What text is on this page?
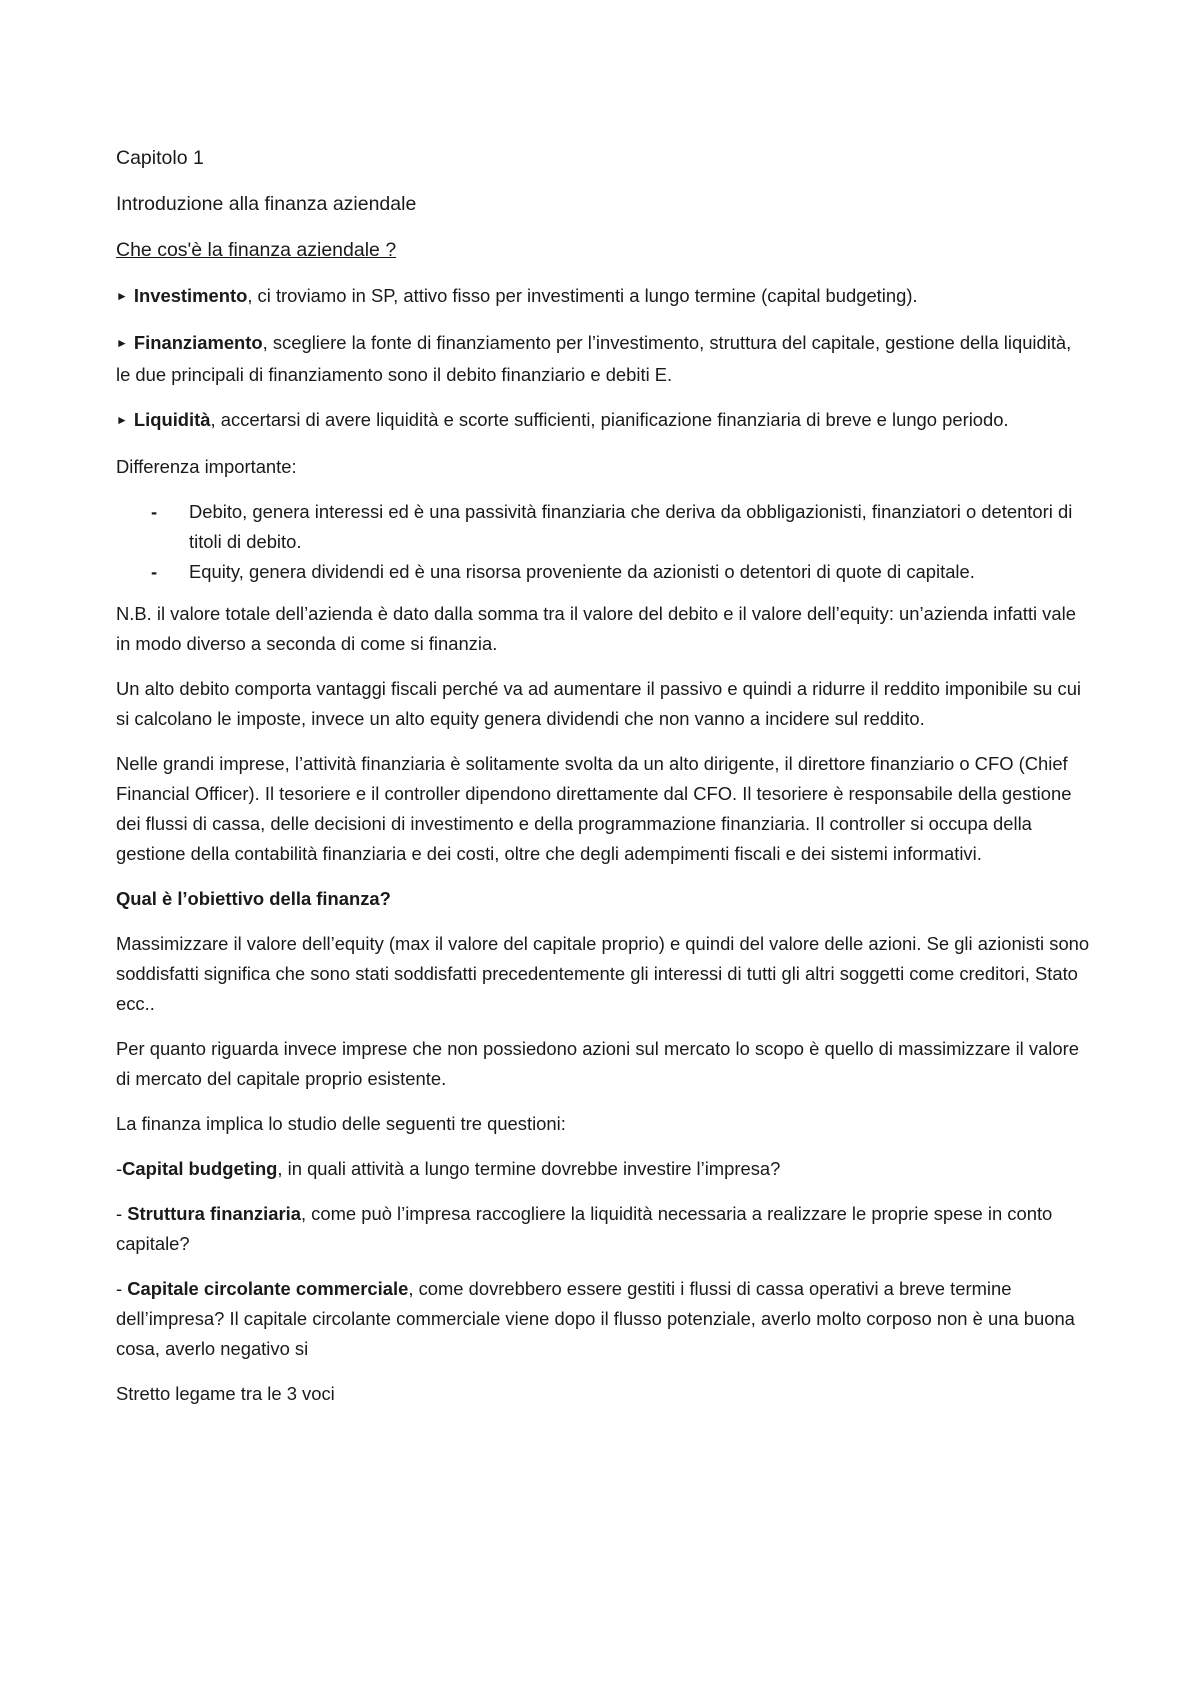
Capitolo 1
Introduzione alla finanza aziendale
Che cos'è la finanza aziendale ?
► Investimento, ci troviamo in SP, attivo fisso per investimenti a lungo termine (capital budgeting).
► Finanziamento, scegliere la fonte di finanziamento per l’investimento, struttura del capitale, gestione della liquidità, le due principali di finanziamento sono il debito finanziario e debiti E.
► Liquidità, accertarsi di avere liquidità e scorte sufficienti, pianificazione finanziaria di breve e lungo periodo.
Differenza importante:
- Debito, genera interessi ed è una passività finanziaria che deriva da obbligazionisti, finanziatori o detentori di titoli di debito.
- Equity, genera dividendi ed è una risorsa proveniente da azionisti o detentori di quote di capitale.
N.B. il valore totale dell’azienda è dato dalla somma tra il valore del debito e il valore dell’equity: un’azienda infatti vale in modo diverso a seconda di come si finanzia.
Un alto debito comporta vantaggi fiscali perché va ad aumentare il passivo e quindi a ridurre il reddito imponibile su cui si calcolano le imposte, invece un alto equity genera dividendi che non vanno a incidere sul reddito.
Nelle grandi imprese, l’attività finanziaria è solitamente svolta da un alto dirigente, il direttore finanziario o CFO (Chief Financial Officer). Il tesoriere e il controller dipendono direttamente dal CFO. Il tesoriere è responsabile della gestione dei flussi di cassa, delle decisioni di investimento e della programmazione finanziaria. Il controller si occupa della gestione della contabilità finanziaria e dei costi, oltre che degli adempimenti fiscali e dei sistemi informativi.
Qual è l’obiettivo della finanza?
Massimizzare il valore dell’equity (max il valore del capitale proprio) e quindi del valore delle azioni. Se gli azionisti sono soddisfatti significa che sono stati soddisfatti precedentemente gli interessi di tutti gli altri soggetti come creditori, Stato ecc..
Per quanto riguarda invece imprese che non possiedono azioni sul mercato lo scopo è quello di massimizzare il valore di mercato del capitale proprio esistente.
La finanza implica lo studio delle seguenti tre questioni:
-Capital budgeting, in quali attività a lungo termine dovrebbe investire l’impresa?
- Struttura finanziaria, come può l’impresa raccogliere la liquidità necessaria a realizzare le proprie spese in conto capitale?
- Capitale circolante commerciale, come dovrebbero essere gestiti i flussi di cassa operativi a breve termine dell’impresa? Il capitale circolante commerciale viene dopo il flusso potenziale, averlo molto corposo non è una buona cosa, averlo negativo si
Stretto legame tra le 3 voci
